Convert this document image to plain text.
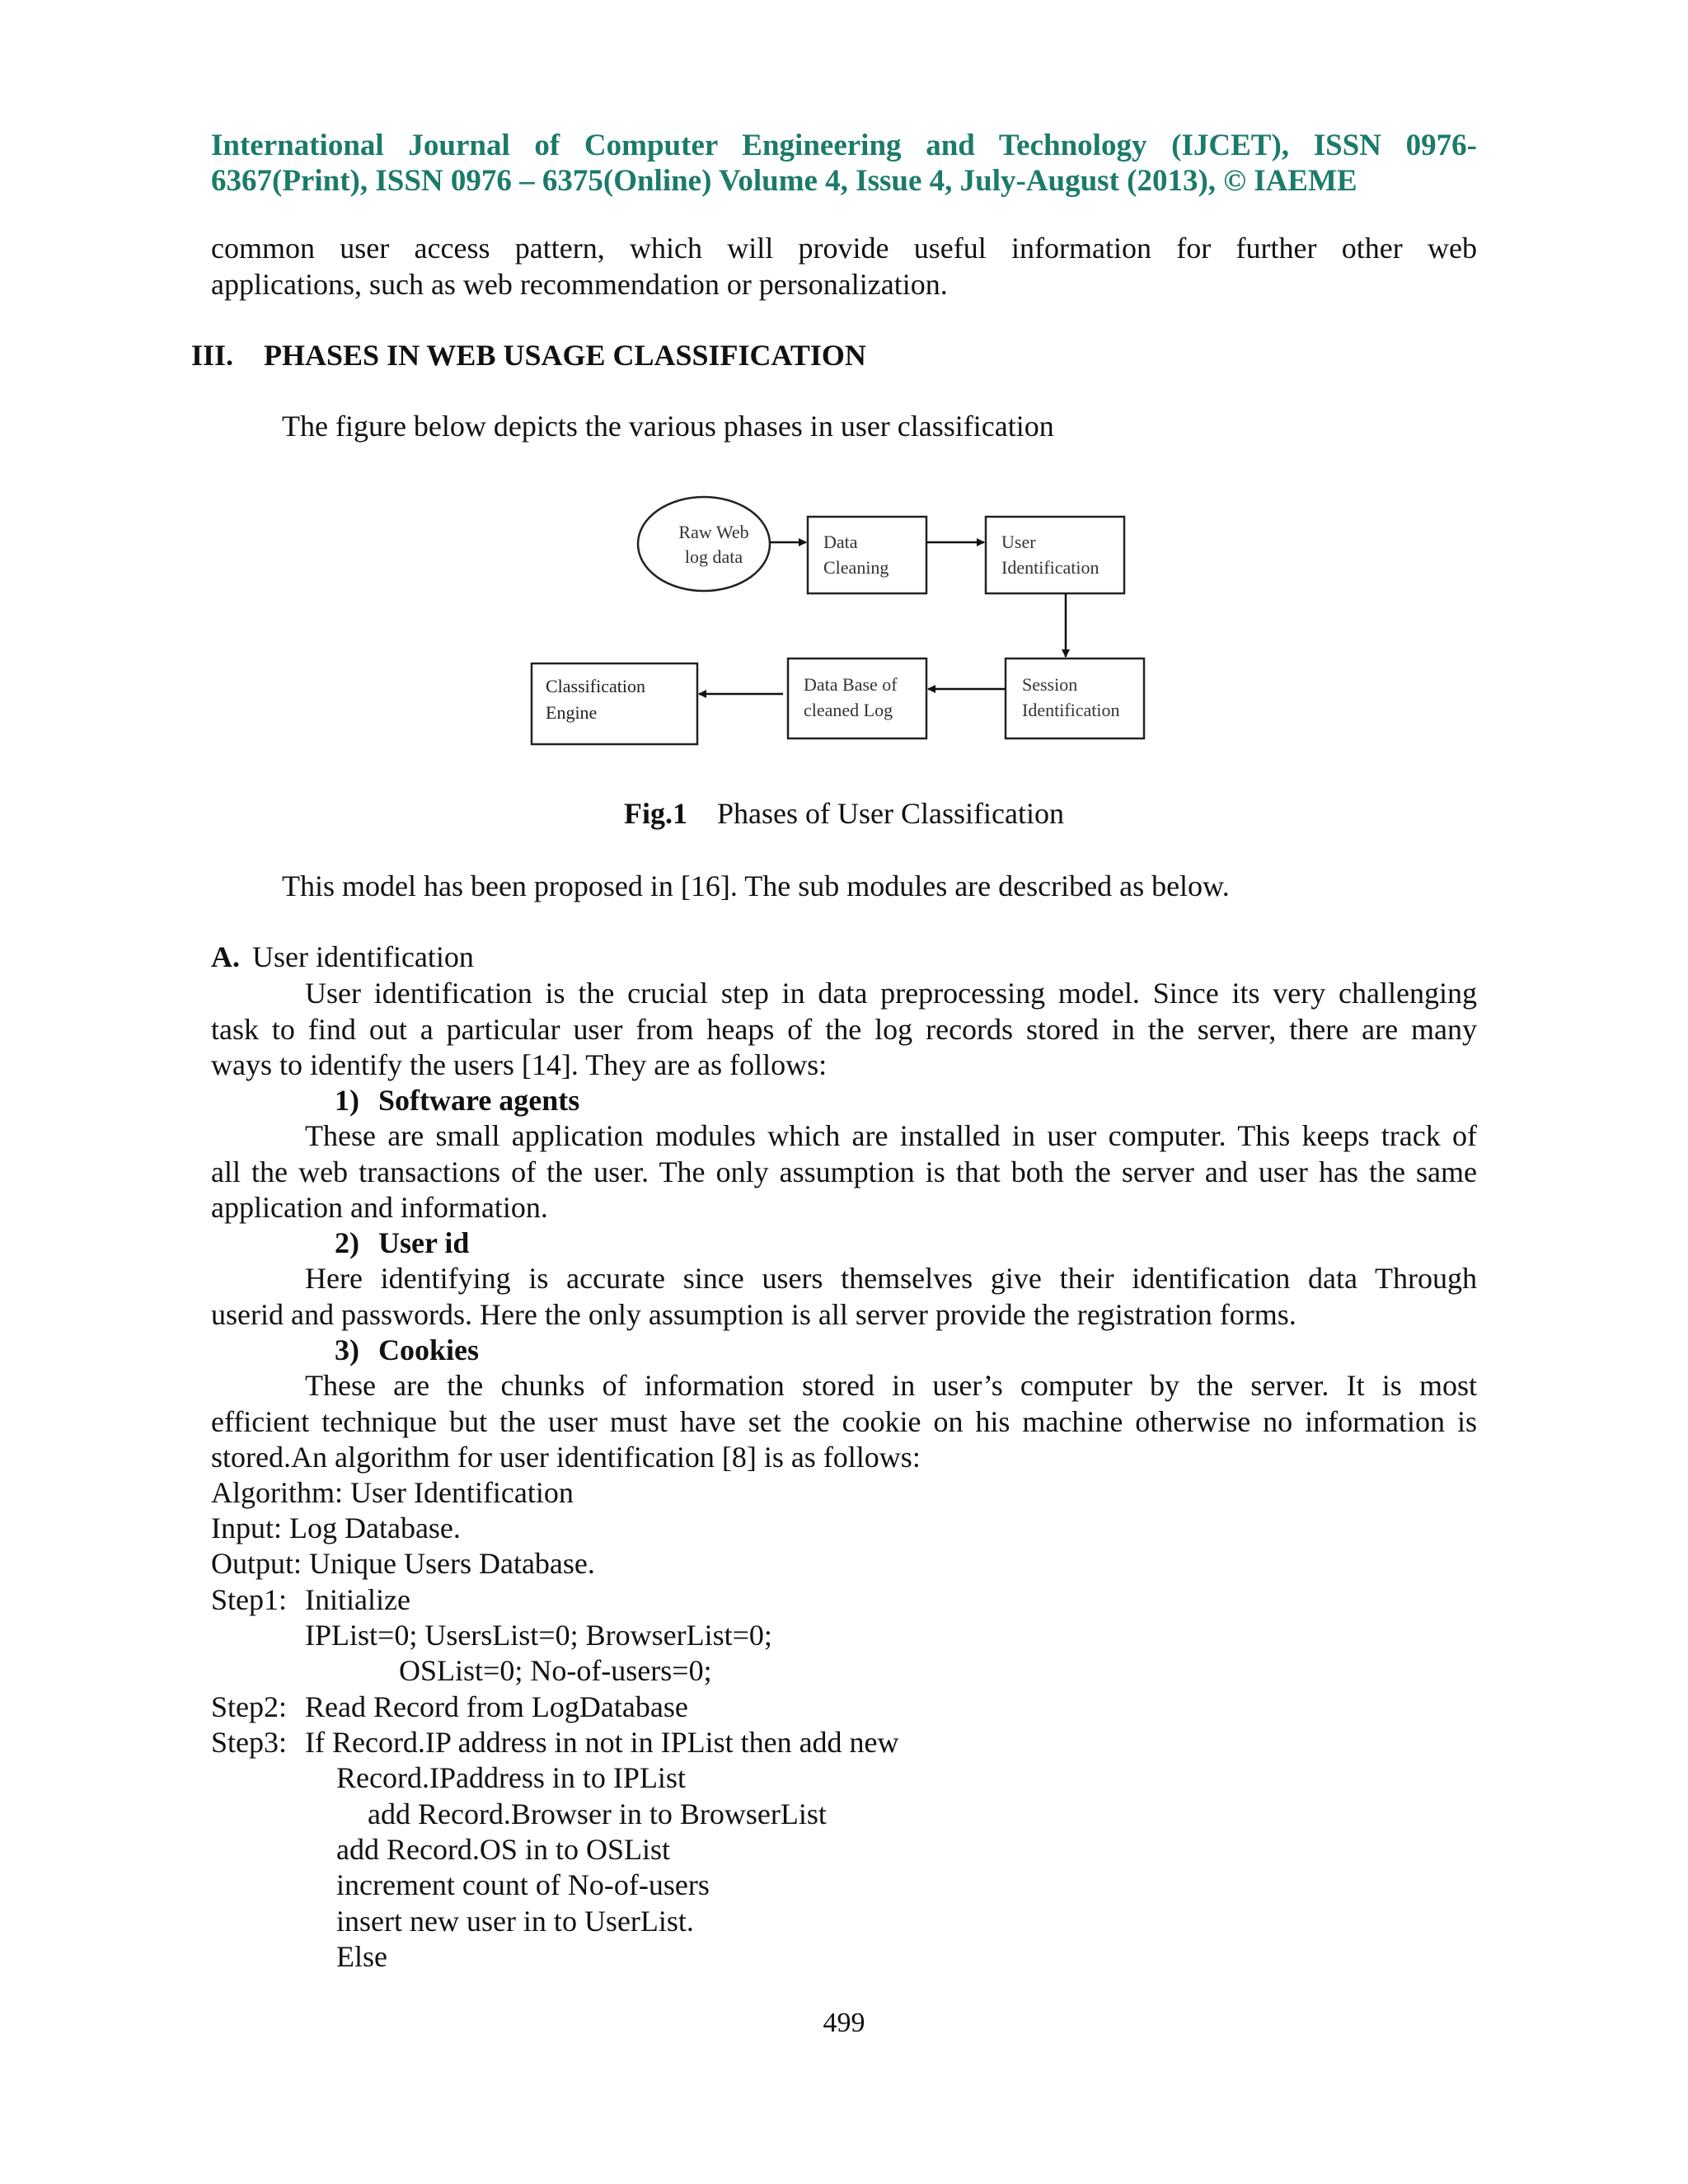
International Journal of Computer Engineering and Technology (IJCET), ISSN 0976-
6367(Print), ISSN 0976 – 6375(Online) Volume 4, Issue 4, July-August (2013), © IAEME
common user access pattern, which will provide useful information for further other web
applications, such as web recommendation or personalization.
III. PHASES IN WEB USAGE CLASSIFICATION
The figure below depicts the various phases in user classification
Raw Web
log data
Data
Cleaning
User
Identification
Session
Identification
Data Base of
cleaned Log
Classification
Engine
Fig.1 Phases of User Classification
This model has been proposed in [16]. The sub modules are described as below.
A. User identification
User identification is the crucial step in data preprocessing model. Since its very challenging
task to find out a particular user from heaps of the log records stored in the server, there are many
ways to identify the users [14]. They are as follows:
1) Software agents
These are small application modules which are installed in user computer. This keeps track of
all the web transactions of the user. The only assumption is that both the server and user has the same
application and information.
2) User id
Here identifying is accurate since users themselves give their identification data Through
userid and passwords. Here the only assumption is all server provide the registration forms.
3) Cookies
These are the chunks of information stored in user’s computer by the server. It is most
efficient technique but the user must have set the cookie on his machine otherwise no information is
stored.An algorithm for user identification [8] is as follows:
Algorithm: User Identification
Input: Log Database.
Output: Unique Users Database.
Step1: Initialize
IPList=0; UsersList=0; BrowserList=0;
OSList=0; No-of-users=0;
Step2: Read Record from LogDatabase
Step3: If Record.IP address in not in IPList then add new
Record.IPaddress in to IPList
add Record.Browser in to BrowserList
add Record.OS in to OSList
increment count of No-of-users
insert new user in to UserList.
Else
499
